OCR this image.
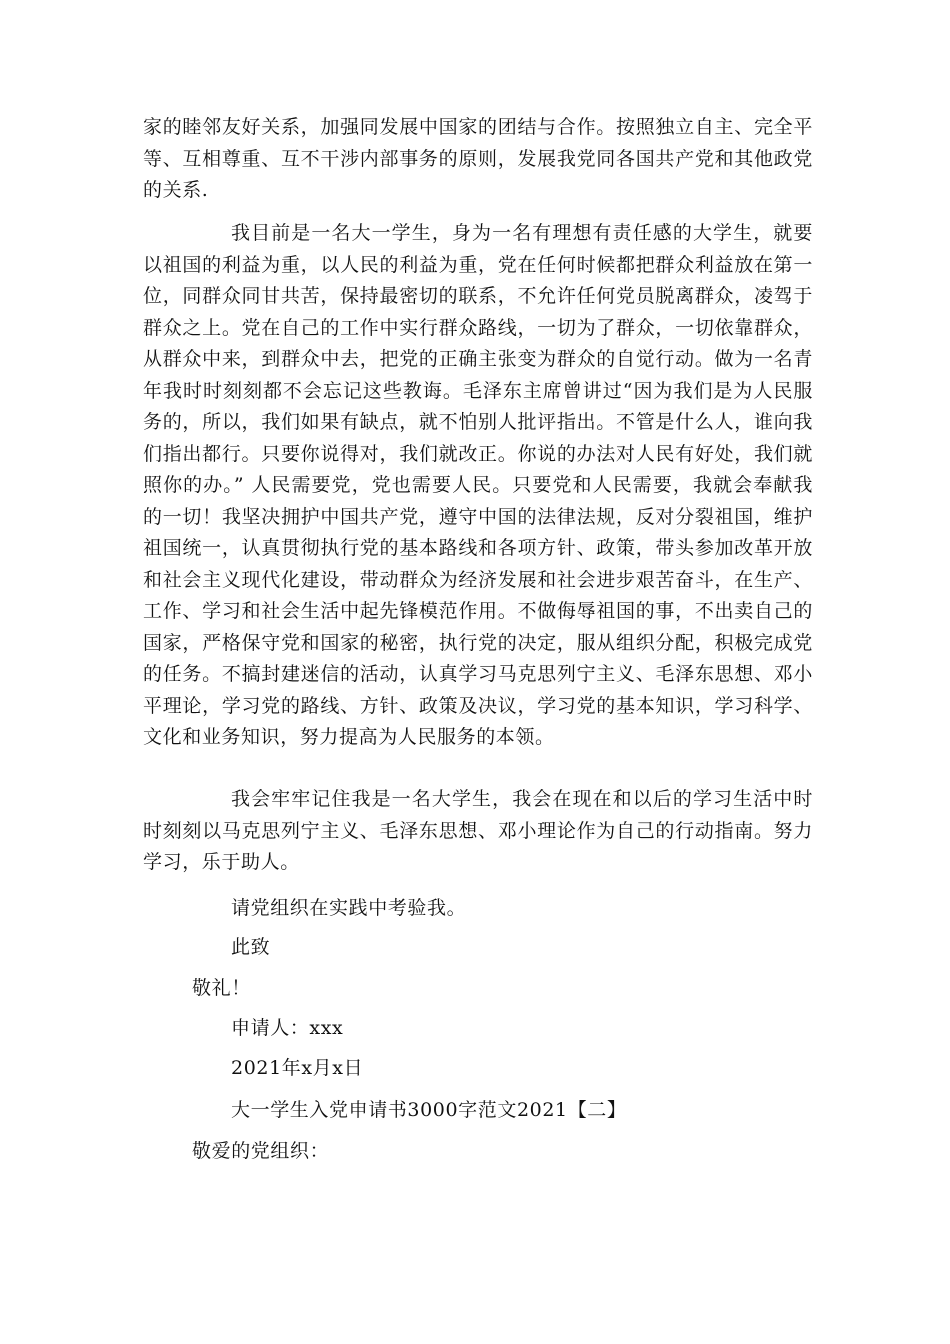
家的睦邻友好关系，加强同发展中国家的团结与合作。按照独立自主、完全平等、互相尊重、互不干涉内部事务的原则，发展我党同各国共产党和其他政党的关系.

我目前是一名大一学生，身为一名有理想有责任感的大学生，就要以祖国的利益为重，以人民的利益为重，党在任何时候都把群众利益放在第一位，同群众同甘共苦，保持最密切的联系，不允许任何党员脱离群众，凌驾于群众之上。党在自己的工作中实行群众路线，一切为了群众，一切依靠群众，从群众中来，到群众中去，把党的正确主张变为群众的自觉行动。做为一名青年我时时刻刻都不会忘记这些教诲。毛泽东主席曾讲过“因为我们是为人民服务的，所以，我们如果有缺点，就不怕别人批评指出。不管是什么人，谁向我们指出都行。只要你说得对，我们就改正。你说的办法对人民有好处，我们就照你的办。” 人民需要党，党也需要人民。只要党和人民需要，我就会奉献我的一切！我坚决拥护中国共产党，遵守中国的法律法规，反对分裂祖国，维护祖国统一，认真贯彻执行党的基本路线和各项方针、政策，带头参加改革开放和社会主义现代化建设，带动群众为经济发展和社会进步艰苦奋斗，在生产、工作、学习和社会生活中起先锋模范作用。不做侮辱祖国的事，不出卖自己的国家，严格保守党和国家的秘密，执行党的决定，服从组织分配，积极完成党的任务。不搞封建迷信的活动，认真学习马克思列宁主义、毛泽东思想、邓小平理论，学习党的路线、方针、政策及决议，学习党的基本知识，学习科学、文化和业务知识，努力提高为人民服务的本领。

我会牢牢记住我是一名大学生，我会在现在和以后的学习生活中时时刻刻以马克思列宁主义、毛泽东思想、邓小理论作为自己的行动指南。努力学习，乐于助人。

请党组织在实践中考验我。

此致

敬礼！

申请人：xxx

2021年x月x日

大一学生入党申请书3000字范文2021【二】

敬爱的党组织：
